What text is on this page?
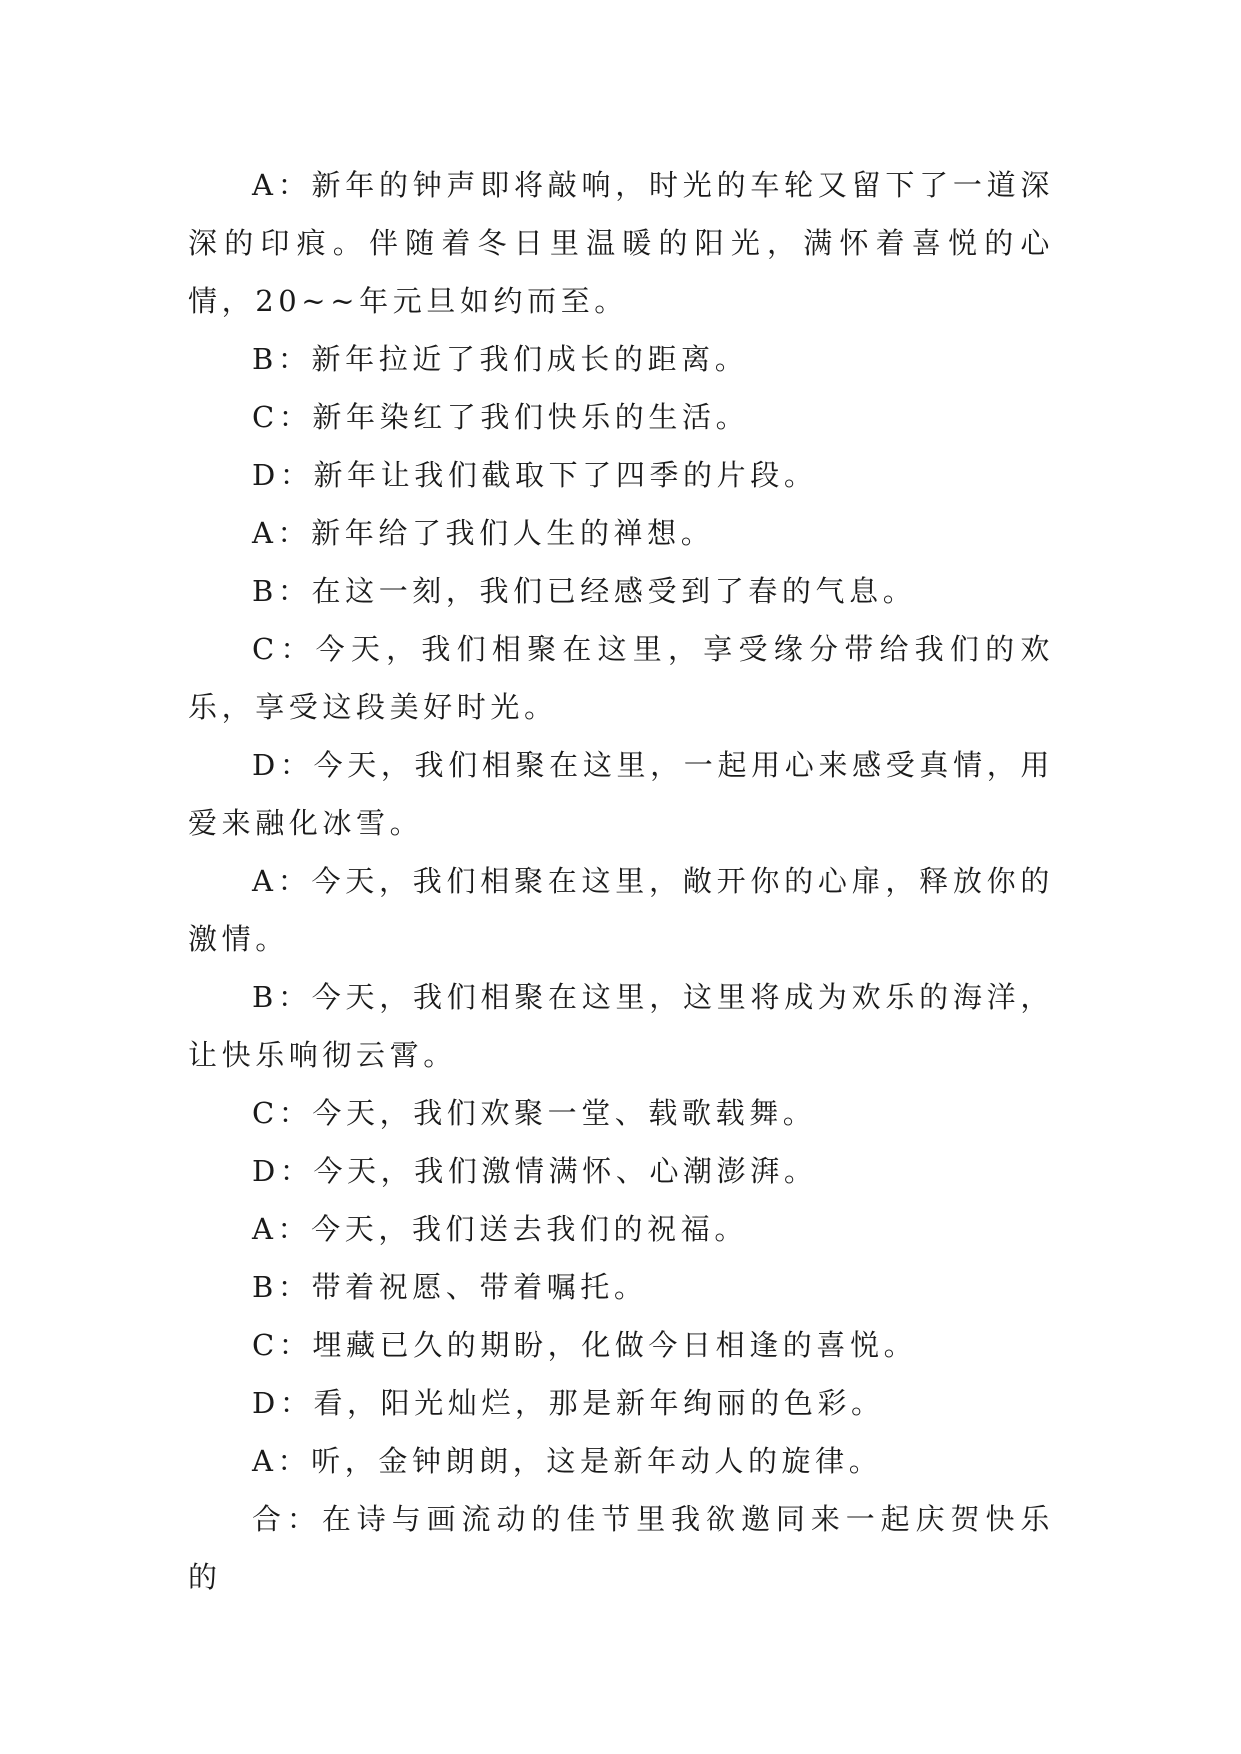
A：新年的钟声即将敲响，时光的车轮又留下了一道深深的印痕。伴随着冬日里温暖的阳光，满怀着喜悦的心情，20~~年元旦如约而至。

B：新年拉近了我们成长的距离。

C：新年染红了我们快乐的生活。

D：新年让我们截取下了四季的片段。

A：新年给了我们人生的禅想。

B：在这一刻，我们已经感受到了春的气息。

C：今天，我们相聚在这里，享受缘分带给我们的欢乐，享受这段美好时光。

D：今天，我们相聚在这里，一起用心来感受真情，用爱来融化冰雪。

A：今天，我们相聚在这里，敞开你的心扉，释放你的激情。

B：今天，我们相聚在这里，这里将成为欢乐的海洋，让快乐响彻云霄。

C：今天，我们欢聚一堂、载歌载舞。

D：今天，我们激情满怀、心潮澎湃。

A：今天，我们送去我们的祝福。

B：带着祝愿、带着嘱托。

C：埋藏已久的期盼，化做今日相逢的喜悦。

D：看，阳光灿烂，那是新年绚丽的色彩。

A：听，金钟朗朗，这是新年动人的旋律。

合：在诗与画流动的佳节里我欲邀同来一起庆贺快乐的
